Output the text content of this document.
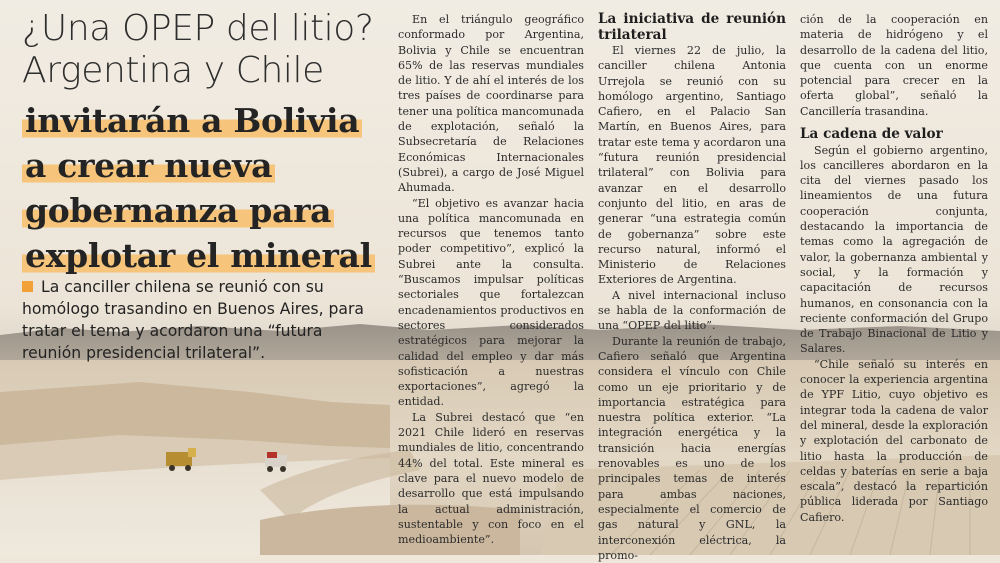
¿Una OPEP del litio? Argentina y Chile

invitarán a Bolivia a crear nueva gobernanza para explotar el mineral
La canciller chilena se reunió con su homólogo trasandino en Buenos Aires, para tratar el tema y acordaron una “futura reunión presidencial trilateral”.

En el triángulo geográfico conformado por Argentina, Bolivia y Chile se encuentran 65% de las reservas mundiales de litio. Y de ahí el interés de los tres países de coordinarse para tener una política mancomunada de explotación, señaló la Subsecretaría de Relaciones Económicas Internacionales (Subrei), a cargo de José Miguel Ahumada.

“El objetivo es avanzar hacia una política mancomunada en recursos que tenemos tanto poder competitivo”, explicó la Subrei ante la consulta. “Buscamos impulsar políticas sectoriales que fortalezcan encadenamientos productivos en sectores considerados estratégicos para mejorar la calidad del empleo y dar más sofisticación a nuestras exportaciones”, agregó la entidad.

La Subrei destacó que “en 2021 Chile lideró en reservas mundiales de litio, concentrando 44% del total. Este mineral es clave para el nuevo modelo de desarrollo que está impulsando la actual administración, sustentable y con foco en el medioambiente”.

La iniciativa de reunión trilateral

El viernes 22 de julio, la canciller chilena Antonia Urrejola se reunió con su homólogo argentino, Santiago Cafiero, en el Palacio San Martín, en Buenos Aires, para tratar este tema y acordaron una “futura reunión presidencial trilateral” con Bolivia para avanzar en el desarrollo conjunto del litio, en aras de generar “una estrategia común de gobernanza” sobre este recurso natural, informó el Ministerio de Relaciones Exteriores de Argentina.

A nivel internacional incluso se habla de la conformación de una “OPEP del litio”.

Durante la reunión de trabajo, Cafiero señaló que Argentina considera el vínculo con Chile como un eje prioritario y de importancia estratégica para nuestra política exterior. “La integración energética y la transición hacia energías renovables es uno de los principales temas de interés para ambas naciones, especialmente el comercio de gas natural y GNL, la interconexión eléctrica, la promo-

ción de la cooperación en materia de hidrógeno y el desarrollo de la cadena del litio, que cuenta con un enorme potencial para crecer en la oferta global”, señaló la Cancillería trasandina.

La cadena de valor

Según el gobierno argentino, los cancilleres abordaron en la cita del viernes pasado los lineamientos de una futura cooperación conjunta, destacando la importancia de temas como la agregación de valor, la gobernanza ambiental y social, y la formación y capacitación de recursos humanos, en consonancia con la reciente conformación del Grupo de Trabajo Binacional de Litio y Salares.

“Chile señaló su interés en conocer la experiencia argentina de YPF Litio, cuyo objetivo es integrar toda la cadena de valor del mineral, desde la exploración y explotación del carbonato de litio hasta la producción de celdas y baterías en serie a baja escala”, destacó la repartición pública liderada por Santiago Cafiero.
